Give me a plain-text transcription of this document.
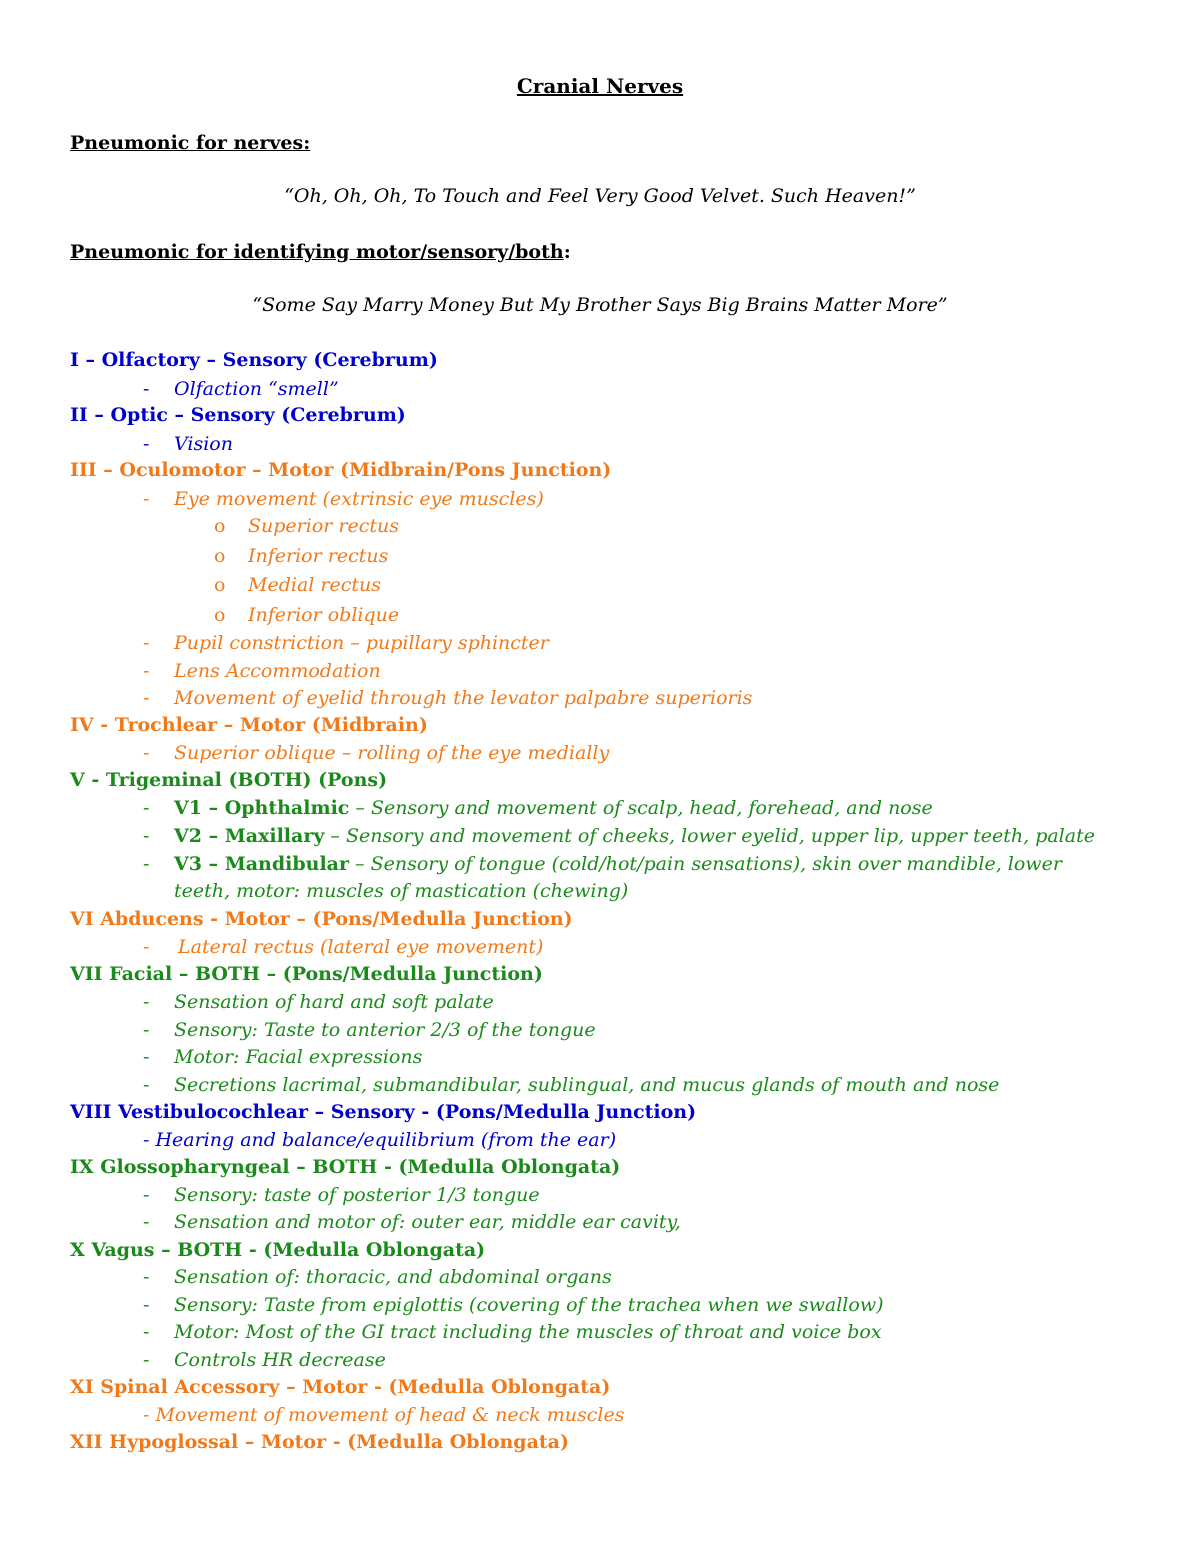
Cranial Nerves
Pneumonic for nerves:
“Oh, Oh, Oh, To Touch and Feel Very Good Velvet. Such Heaven!”
Pneumonic for identifying motor/sensory/both:
“Some Say Marry Money But My Brother Says Big Brains Matter More”
I – Olfactory – Sensory (Cerebrum)
- Olfaction “smell”
II – Optic – Sensory (Cerebrum)
- Vision
III – Oculomotor – Motor (Midbrain/Pons Junction)
- Eye movement (extrinsic eye muscles)
o Superior rectus
o Inferior rectus
o Medial rectus
o Inferior oblique
- Pupil constriction – pupillary sphincter
- Lens Accommodation
- Movement of eyelid through the levator palpabre superioris
IV - Trochlear – Motor (Midbrain)
- Superior oblique – rolling of the eye medially
V - Trigeminal (BOTH) (Pons)
- V1 – Ophthalmic – Sensory and movement of scalp, head, forehead, and nose
- V2 – Maxillary – Sensory and movement of cheeks, lower eyelid, upper lip, upper teeth, palate
- V3 – Mandibular – Sensory of tongue (cold/hot/pain sensations), skin over mandible, lower
teeth, motor: muscles of mastication (chewing)
VI Abducens - Motor – (Pons/Medulla Junction)
- Lateral rectus (lateral eye movement)
VII Facial – BOTH – (Pons/Medulla Junction)
- Sensation of hard and soft palate
- Sensory: Taste to anterior 2/3 of the tongue
- Motor: Facial expressions
- Secretions lacrimal, submandibular, sublingual, and mucus glands of mouth and nose
VIII Vestibulocochlear – Sensory - (Pons/Medulla Junction)
- Hearing and balance/equilibrium (from the ear)
IX Glossopharyngeal – BOTH - (Medulla Oblongata)
- Sensory: taste of posterior 1/3 tongue
- Sensation and motor of: outer ear, middle ear cavity,
X Vagus – BOTH - (Medulla Oblongata)
- Sensation of: thoracic, and abdominal organs
- Sensory: Taste from epiglottis (covering of the trachea when we swallow)
- Motor: Most of the GI tract including the muscles of throat and voice box
- Controls HR decrease
XI Spinal Accessory – Motor - (Medulla Oblongata)
- Movement of movement of head & neck muscles
XII Hypoglossal – Motor - (Medulla Oblongata)
